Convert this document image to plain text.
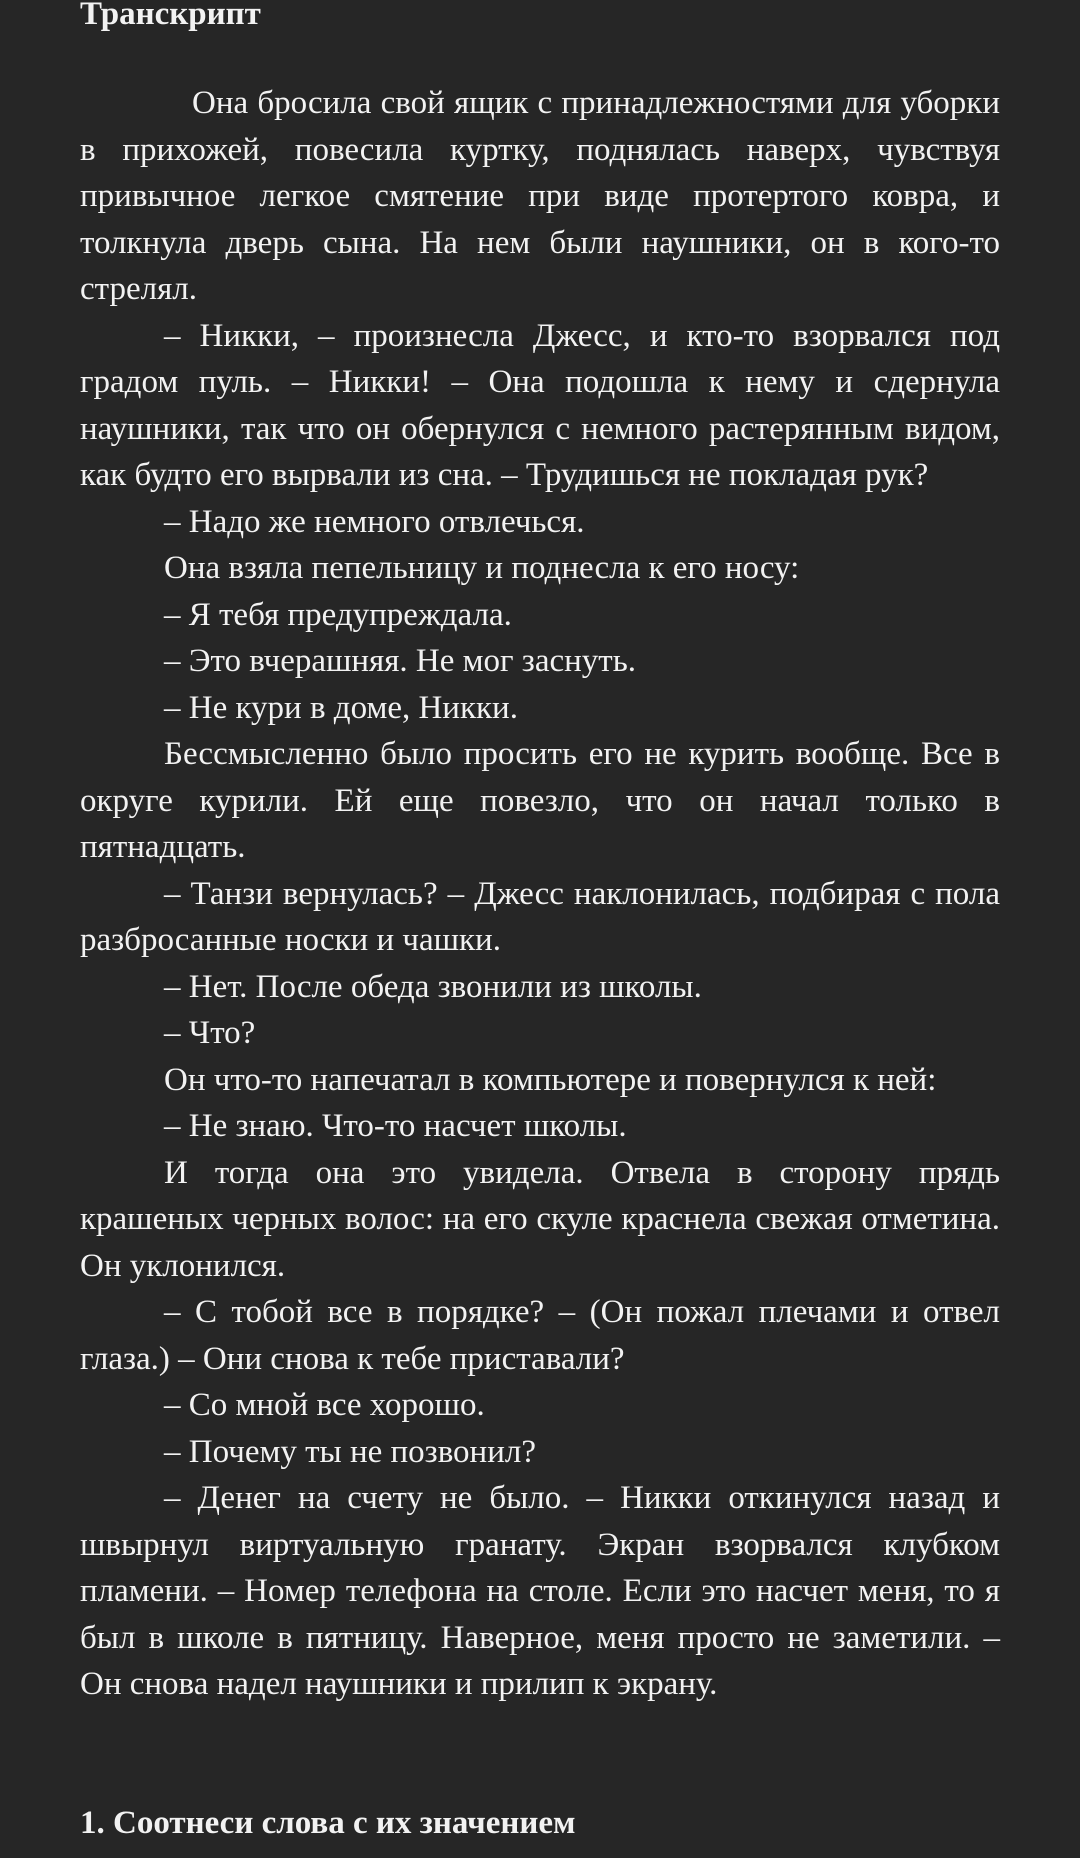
Транскрипт

Она бросила свой ящик с принадлежностями для уборки в прихожей, повесила куртку, поднялась наверх, чувствуя привычное легкое смятение при виде протертого ковра, и толкнула дверь сына. На нем были наушники, он в кого-то стрелял.

– Никки, – произнесла Джесс, и кто-то взорвался под градом пуль. – Никки! – Она подошла к нему и сдернула наушники, так что он обернулся с немного растерянным видом, как будто его вырвали из сна. – Трудишься не покладая рук?

– Надо же немного отвлечься.

Она взяла пепельницу и поднесла к его носу:

– Я тебя предупреждала.

– Это вчерашняя. Не мог заснуть.

– Не кури в доме, Никки.

Бессмысленно было просить его не курить вообще. Все в округе курили. Ей еще повезло, что он начал только в пятнадцать.

– Танзи вернулась? – Джесс наклонилась, подбирая с пола разбросанные носки и чашки.

– Нет. После обеда звонили из школы.

– Что?

Он что-то напечатал в компьютере и повернулся к ней:

– Не знаю. Что-то насчет школы.

И тогда она это увидела. Отвела в сторону прядь крашеных черных волос: на его скуле краснела свежая отметина. Он уклонился.

– С тобой все в порядке? – (Он пожал плечами и отвел глаза.) – Они снова к тебе приставали?

– Со мной все хорошо.

– Почему ты не позвонил?

– Денег на счету не было. – Никки откинулся назад и швырнул виртуальную гранату. Экран взорвался клубком пламени. – Номер телефона на столе. Если это насчет меня, то я был в школе в пятницу. Наверное, меня просто не заметили. – Он снова надел наушники и прилип к экрану.

1. Соотнеси слова с их значением
